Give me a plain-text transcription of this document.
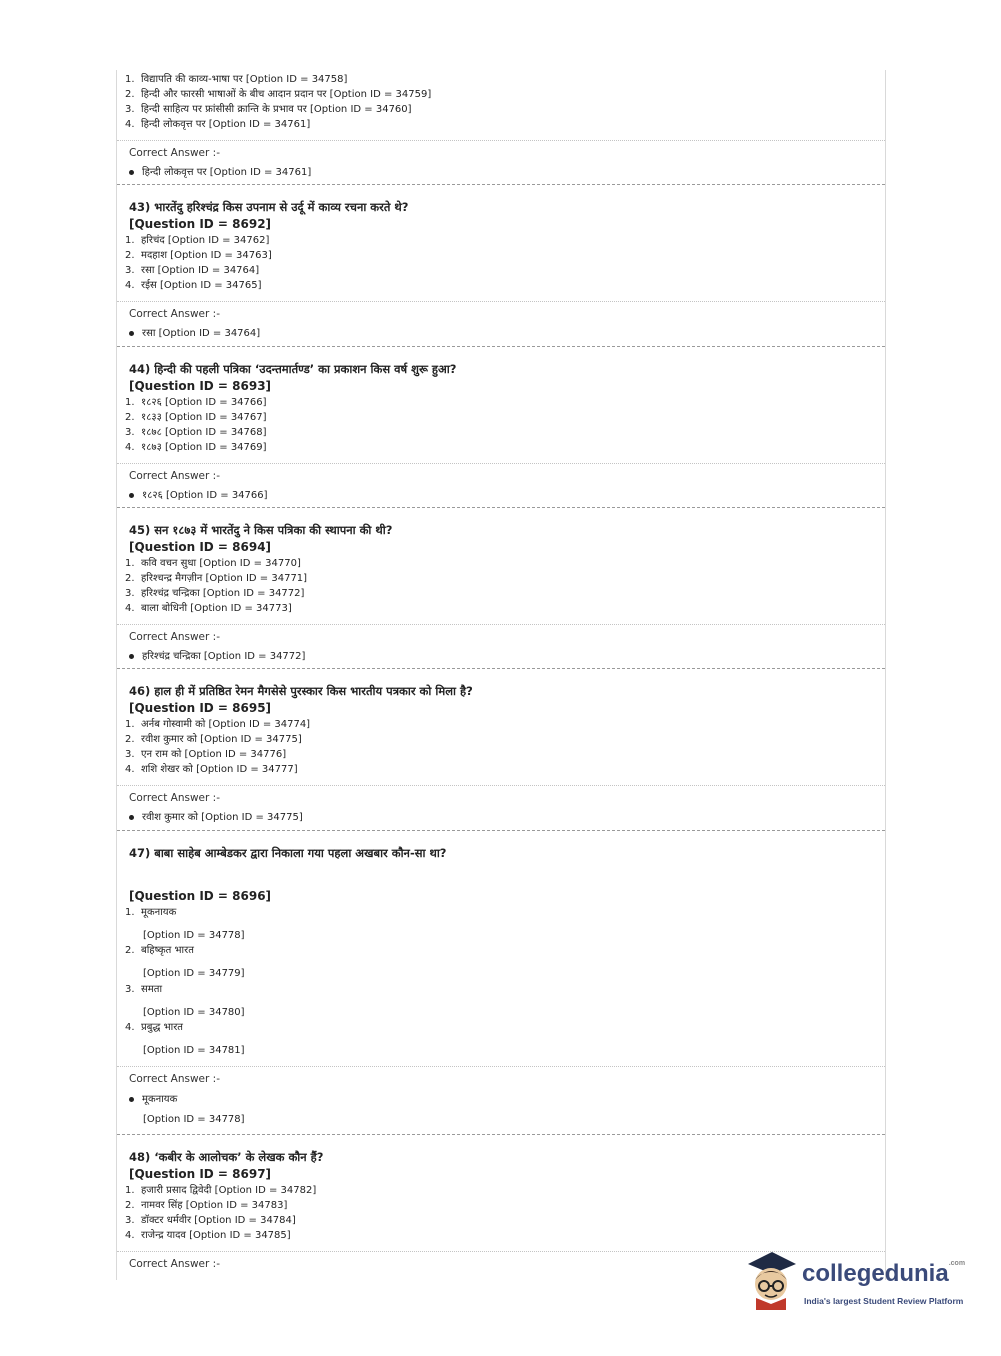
1. विद्यापति की काव्य-भाषा पर [Option ID = 34758]
2. हिन्दी और फारसी भाषाओं के बीच आदान प्रदान पर [Option ID = 34759]
3. हिन्दी साहित्य पर फ्रांसीसी क्रान्ति के प्रभाव पर [Option ID = 34760]
4. हिन्दी लोकवृत्त पर [Option ID = 34761]
Correct Answer :-
हिन्दी लोकवृत्त पर [Option ID = 34761]
43) भारतेंदु हरिश्चंद्र किस उपनाम से उर्दू में काव्य रचना करते थे?
[Question ID = 8692]
1. हरिचंद [Option ID = 34762]
2. मदहाश [Option ID = 34763]
3. रसा [Option ID = 34764]
4. रईस [Option ID = 34765]
Correct Answer :-
रसा [Option ID = 34764]
44) हिन्दी की पहली पत्रिका ‘उदन्तमार्तण्ड’ का प्रकाशन किस वर्ष शुरू हुआ?
[Question ID = 8693]
1. १८२६ [Option ID = 34766]
2. १८३३ [Option ID = 34767]
3. १८७८ [Option ID = 34768]
4. १८७३ [Option ID = 34769]
Correct Answer :-
१८२६ [Option ID = 34766]
45) सन १८७३ में भारतेंदु ने किस पत्रिका की स्थापना की थी?
[Question ID = 8694]
1. कवि वचन सुधा [Option ID = 34770]
2. हरिश्चन्द्र मैगज़ीन [Option ID = 34771]
3. हरिश्चंद्र चन्द्रिका [Option ID = 34772]
4. बाला बोधिनी [Option ID = 34773]
Correct Answer :-
हरिश्चंद्र चन्द्रिका [Option ID = 34772]
46) हाल ही में प्रतिष्ठित रेमन मैगसेसे पुरस्कार किस भारतीय पत्रकार को मिला है?
[Question ID = 8695]
1. अर्नब गोस्वामी को [Option ID = 34774]
2. रवीश कुमार को [Option ID = 34775]
3. एन राम को [Option ID = 34776]
4. शशि शेखर को [Option ID = 34777]
Correct Answer :-
रवीश कुमार को [Option ID = 34775]
47) बाबा साहेब आम्बेडकर द्वारा निकाला गया पहला अखबार कौन-सा था?
[Question ID = 8696]
1. मूकनायक
[Option ID = 34778]
2. बहिष्कृत भारत
[Option ID = 34779]
3. समता
[Option ID = 34780]
4. प्रबुद्ध भारत
[Option ID = 34781]
Correct Answer :-
मूकनायक
[Option ID = 34778]
48) ‘कबीर के आलोचक’ के लेखक कौन हैं?
[Question ID = 8697]
1. हजारी प्रसाद द्विवेदी [Option ID = 34782]
2. नामवर सिंह [Option ID = 34783]
3. डॉक्टर धर्मवीर [Option ID = 34784]
4. राजेन्द्र यादव [Option ID = 34785]
Correct Answer :-	collegedunia$^{.com}$
India's largest Student Review Platform
